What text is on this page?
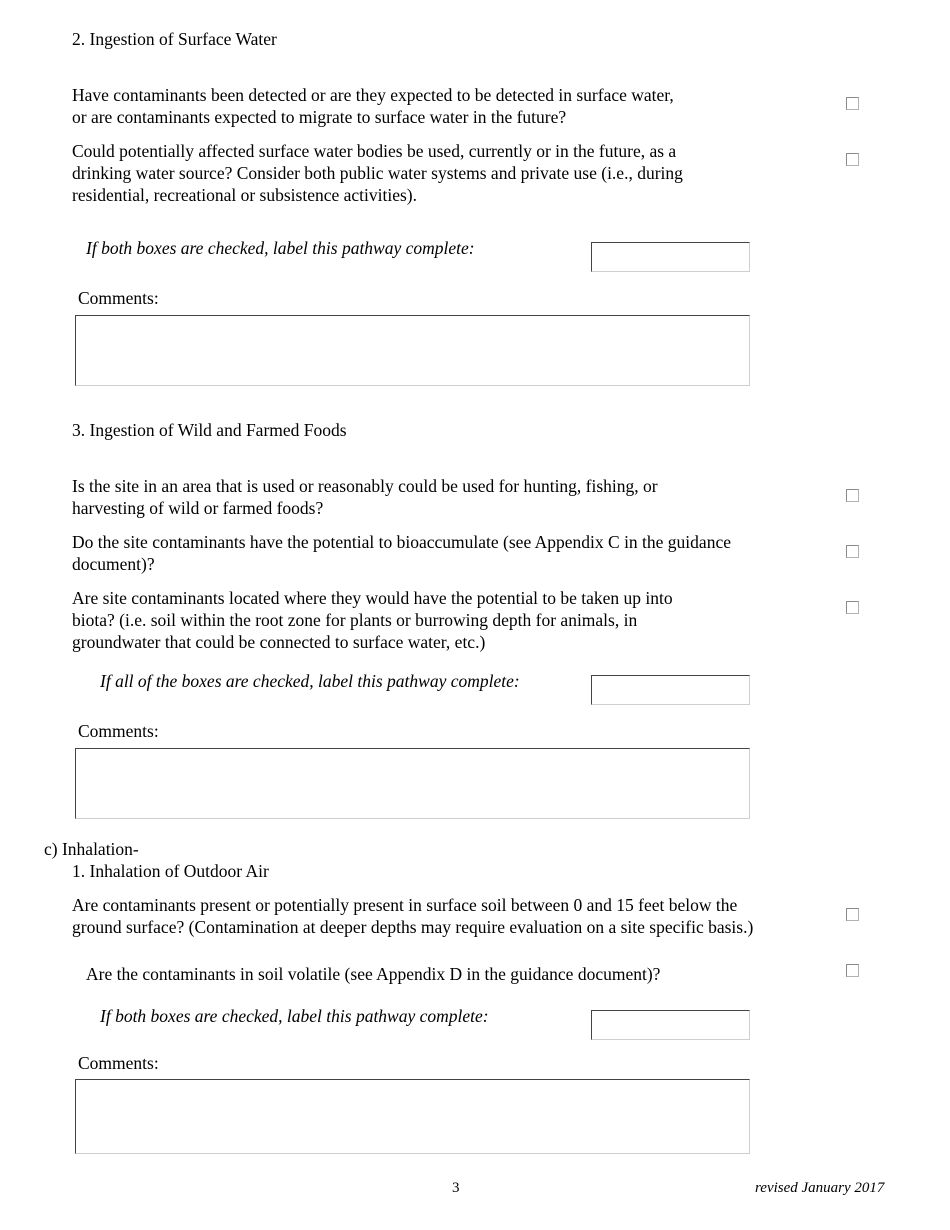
2. Ingestion of Surface Water
Have contaminants been detected or are they expected to be detected in surface water,
or are contaminants expected to migrate to surface water in the future?
Could potentially affected surface water bodies be used, currently or in the future, as a
drinking water source? Consider both public water systems and private use (i.e., during
residential, recreational or subsistence activities).
If both boxes are checked, label this pathway complete:
Comments:
3. Ingestion of Wild and Farmed Foods
Is the site in an area that is used or reasonably could be used for hunting, fishing, or
harvesting of wild or farmed foods?
Do the site contaminants have the potential to bioaccumulate (see Appendix C in the guidance
document)?
Are site contaminants located where they would have the potential to be taken up into
biota? (i.e. soil within the root zone for plants or burrowing depth for animals, in
groundwater that could be connected to surface water, etc.)
If all of the boxes are checked, label this pathway complete:
Comments:
c) Inhalation-
1. Inhalation of Outdoor Air
Are contaminants present or potentially present in surface soil between 0 and 15 feet below the
ground surface? (Contamination at deeper depths may require evaluation on a site specific basis.)
Are the contaminants in soil volatile (see Appendix D in the guidance document)?
If both boxes are checked, label this pathway complete:
Comments:
3	revised January 2017
